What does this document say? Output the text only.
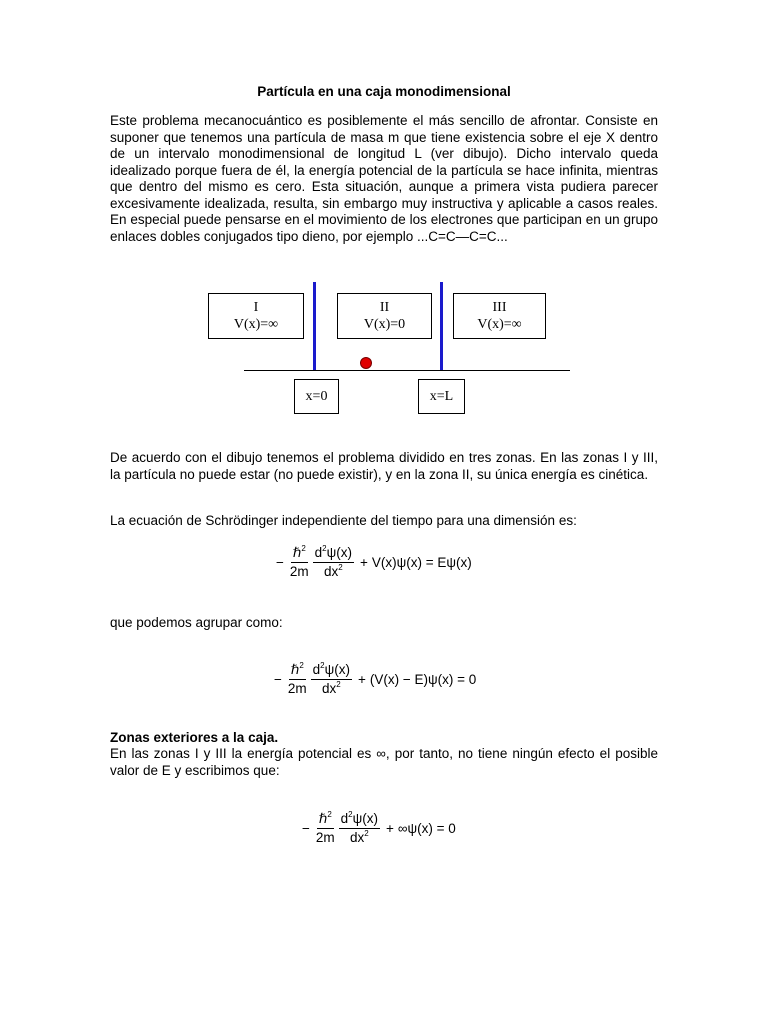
Partícula en una caja monodimensional

Este problema mecanocuántico es posiblemente el más sencillo de afrontar. Consiste en suponer que tenemos una partícula de masa m que tiene existencia sobre el eje X dentro de un intervalo monodimensional de longitud L (ver dibujo). Dicho intervalo queda idealizado porque fuera de él, la energía potencial de la partícula se hace infinita, mientras que dentro del mismo es cero. Esta situación, aunque a primera vista pudiera parecer excesivamente idealizada, resulta, sin embargo muy instructiva y aplicable a casos reales. En especial puede pensarse en el movimiento de los electrones que participan en un grupo enlaces dobles conjugados tipo dieno, por ejemplo ...C=C—C=C...

I
V(x)=∞
II
V(x)=0
III
V(x)=∞
x=0	x=L

De acuerdo con el dibujo tenemos el problema dividido en tres zonas. En las zonas I y III, la partícula no puede estar (no puede existir), y en la zona II, su única energía es cinética.

La ecuación de Schrödinger independiente del tiempo para una dimensión es:

− $\frac{\hbar^2}{2m} \frac{d^2\psi(x)}{dx^2} + V(x)\psi(x) = E\psi(x)$

que podemos agrupar como:

− $\frac{\hbar^2}{2m} \frac{d^2\psi(x)}{dx^2} + (V(x) - E)\psi(x) = 0$
Zonas exteriores a la caja.

En las zonas I y III la energía potencial es ∞, por tanto, no tiene ningún efecto el posible valor de E y escribimos que:

− $\frac{\hbar^2}{2m} \frac{d^2\psi(x)}{dx^2} + \infty\psi(x) = 0$
